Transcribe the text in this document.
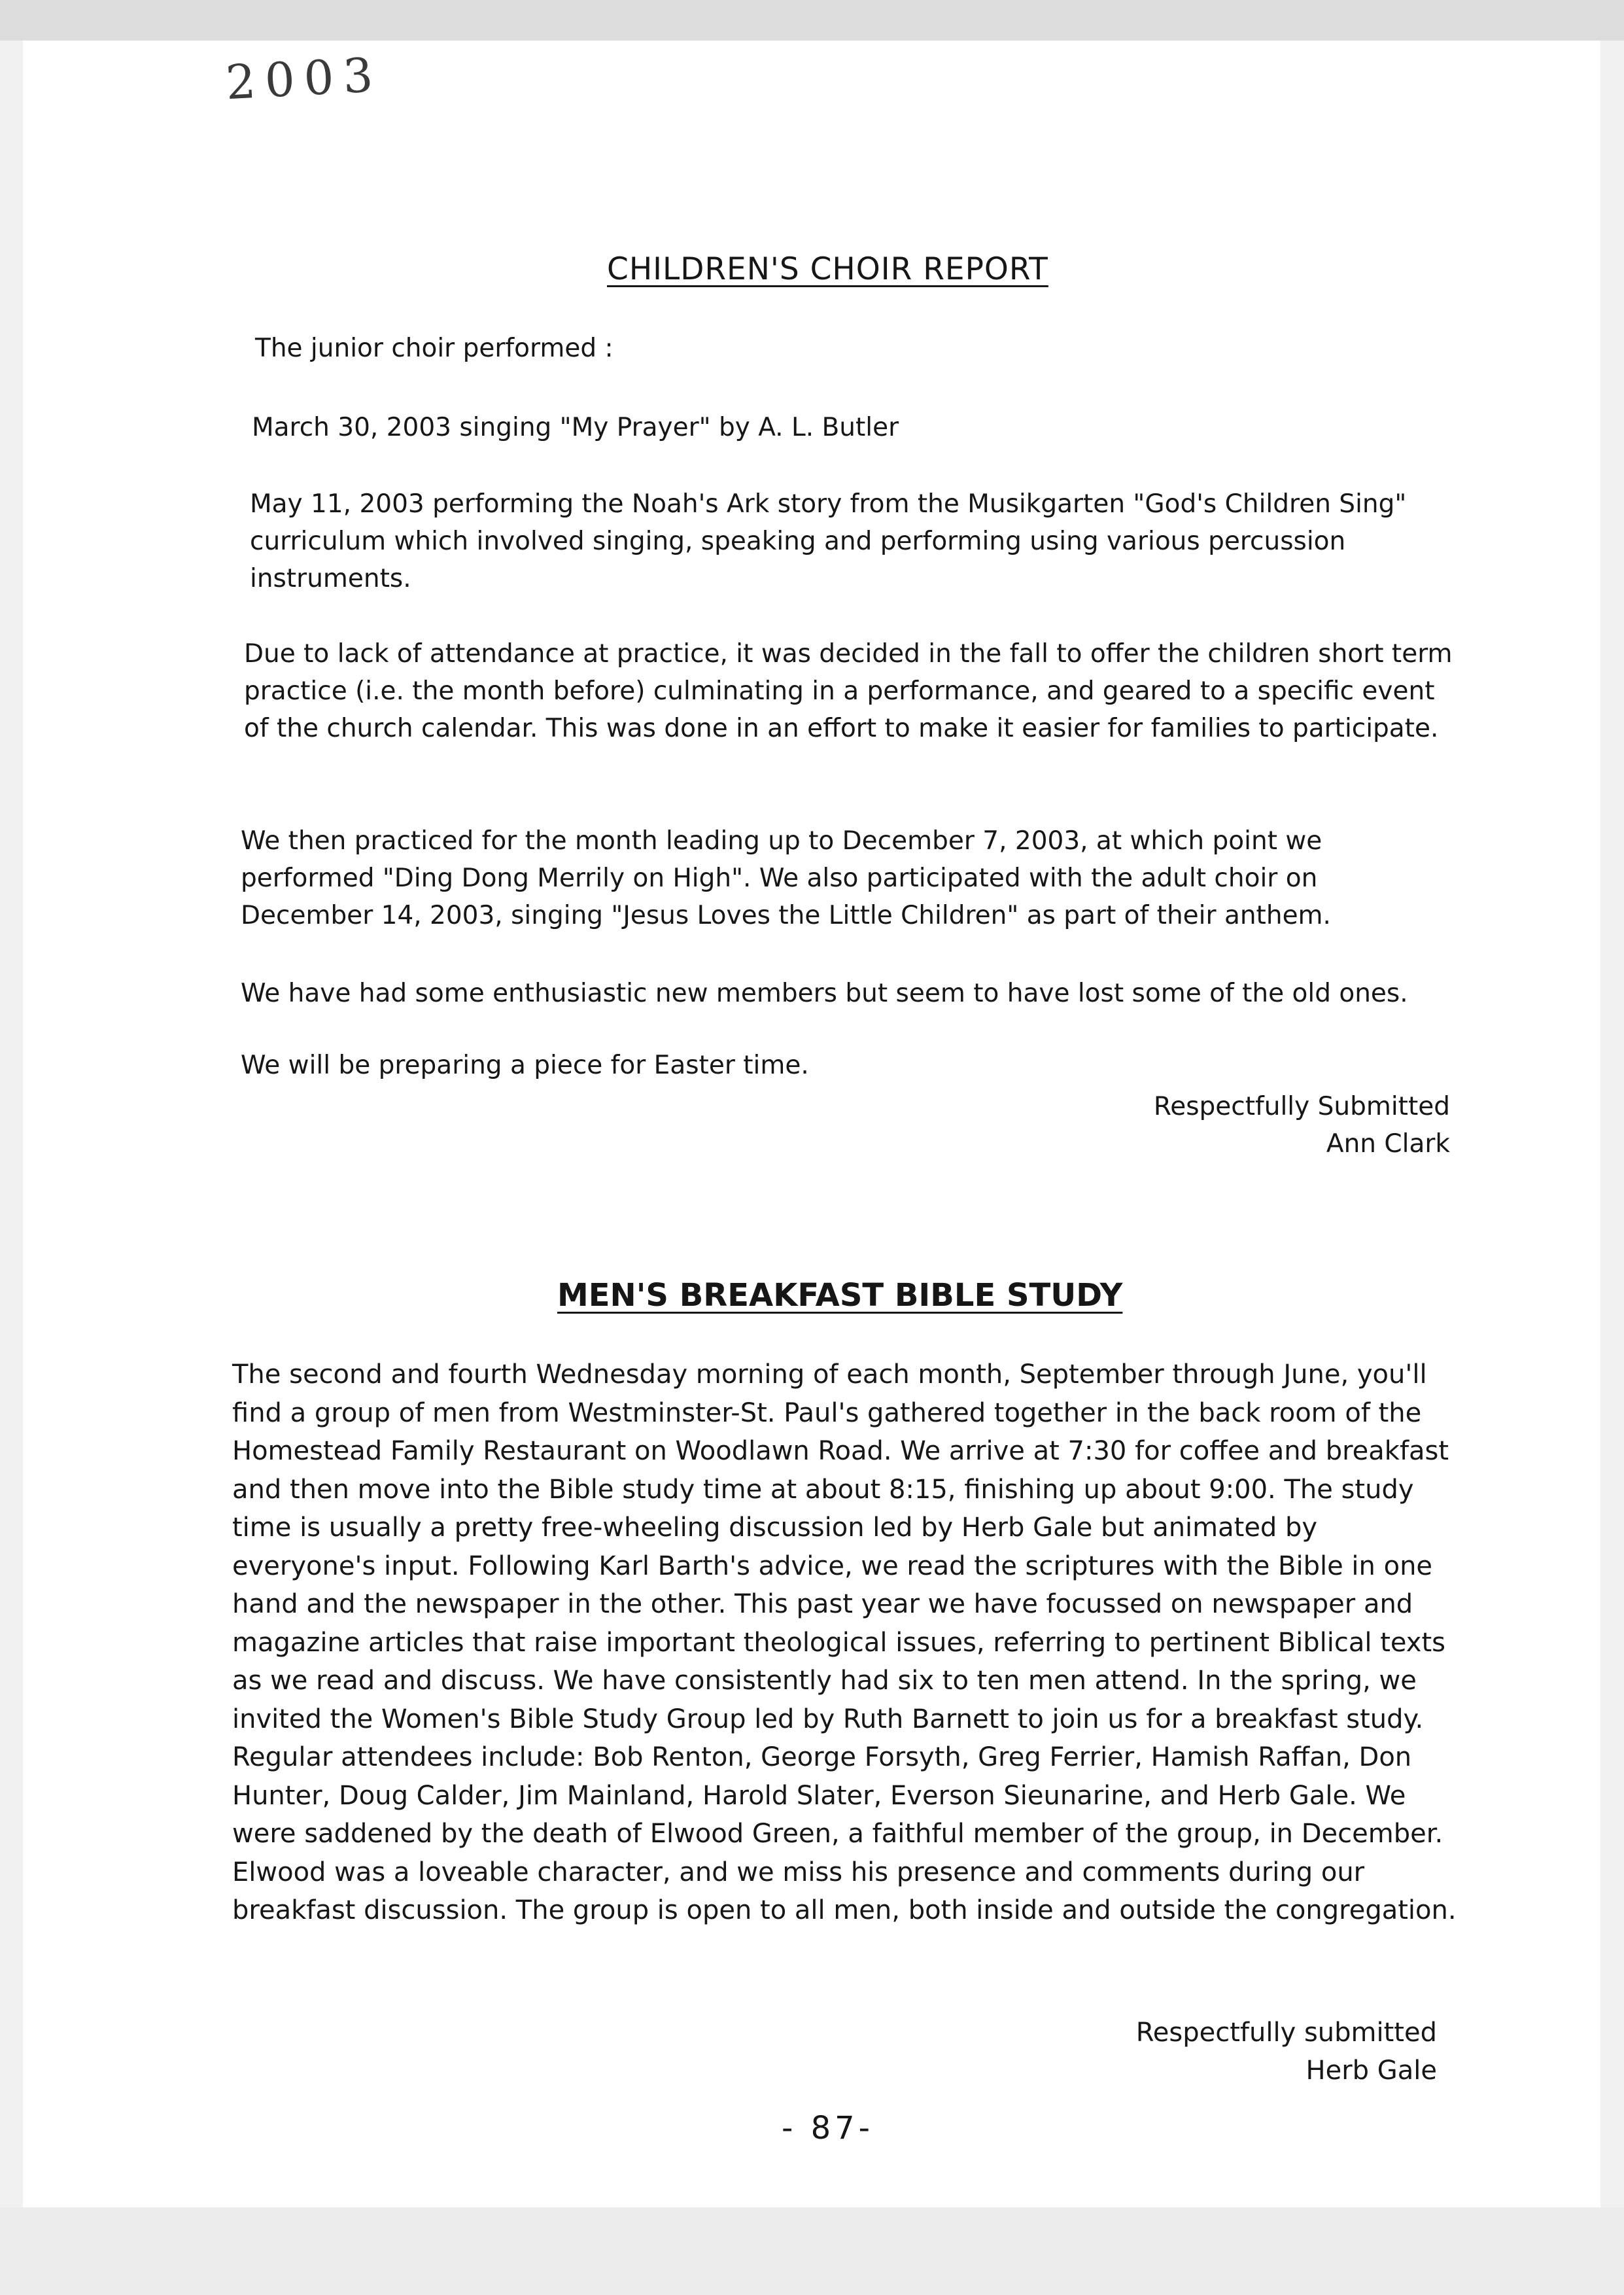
2003
CHILDREN'S CHOIR REPORT

The junior choir performed :

March 30, 2003 singing "My Prayer" by A. L. Butler

May 11, 2003 performing the Noah's Ark story from the Musikgarten "God's Children Sing" curriculum which involved singing, speaking and performing using various percussion instruments.

Due to lack of attendance at practice, it was decided in the fall to offer the children short term practice (i.e. the month before) culminating in a performance, and geared to a specific event of the church calendar. This was done in an effort to make it easier for families to participate.

We then practiced for the month leading up to December 7, 2003, at which point we performed "Ding Dong Merrily on High". We also participated with the adult choir on December 14, 2003, singing "Jesus Loves the Little Children" as part of their anthem.

We have had some enthusiastic new members but seem to have lost some of the old ones.

We will be preparing a piece for Easter time.

Respectfully Submitted
Ann Clark
MEN'S BREAKFAST BIBLE STUDY

The second and fourth Wednesday morning of each month, September through June, you'll find a group of men from Westminster-St. Paul's gathered together in the back room of the Homestead Family Restaurant on Woodlawn Road. We arrive at 7:30 for coffee and breakfast and then move into the Bible study time at about 8:15, finishing up about 9:00. The study time is usually a pretty free-wheeling discussion led by Herb Gale but animated by everyone's input. Following Karl Barth's advice, we read the scriptures with the Bible in one hand and the newspaper in the other. This past year we have focussed on newspaper and magazine articles that raise important theological issues, referring to pertinent Biblical texts as we read and discuss. We have consistently had six to ten men attend. In the spring, we invited the Women's Bible Study Group led by Ruth Barnett to join us for a breakfast study. Regular attendees include: Bob Renton, George Forsyth, Greg Ferrier, Hamish Raffan, Don Hunter, Doug Calder, Jim Mainland, Harold Slater, Everson Sieunarine, and Herb Gale. We were saddened by the death of Elwood Green, a faithful member of the group, in December. Elwood was a loveable character, and we miss his presence and comments during our breakfast discussion. The group is open to all men, both inside and outside the congregation.

Respectfully submitted
Herb Gale
- 87-
